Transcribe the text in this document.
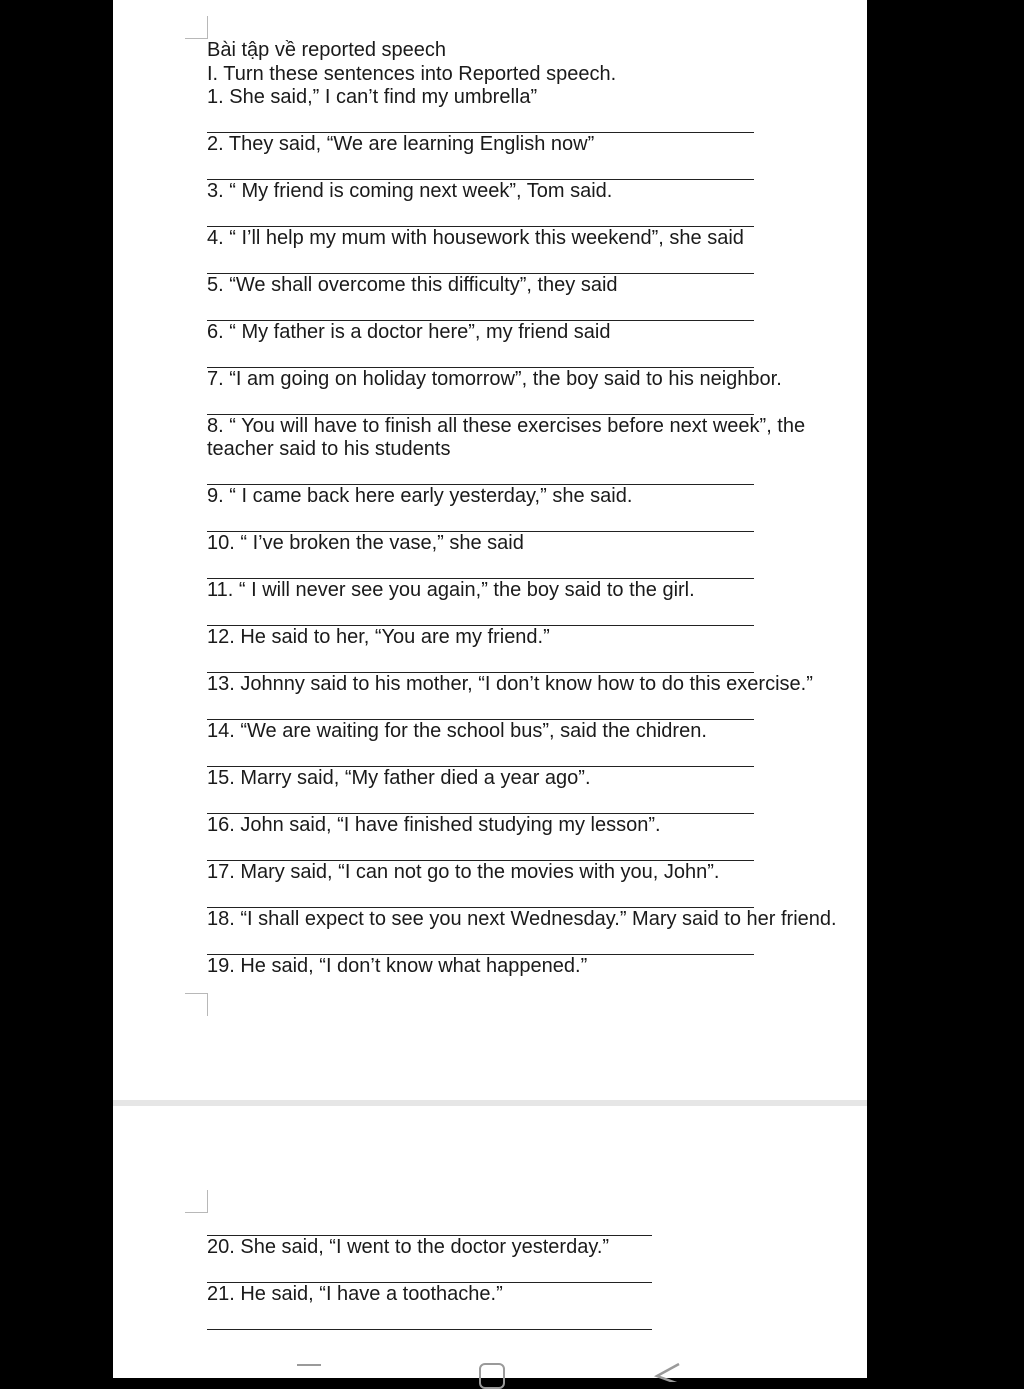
Bài tập về reported speech

I. Turn these sentences into Reported speech.

1. She said,” I can’t find my umbrella”
2. They said, “We are learning English now”
3. “ My friend is coming next week”, Tom said.
4. “ I’ll help my mum with housework this weekend”, she said
5. “We shall overcome this difficulty”, they said
6. “ My father is a doctor here”, my friend said
7. “I am going on holiday tomorrow”, the boy said to his neighbor.
8. “ You will have to finish all these exercises before next week”, the teacher said to his students
9. “ I came back here early yesterday,” she said.
10. “ I’ve broken the vase,” she said
11. “ I will never see you again,” the boy said to the girl.
12. He said to her, “You are my friend.”
13. Johnny said to his mother, “I don’t know how to do this exercise.”
14. “We are waiting for the school bus”, said the chidren.
15. Marry said, “My father died a year ago”.
16. John said, “I have finished studying my lesson”.
17. Mary said, “I can not go to the movies with you, John”.
18. “I shall expect to see you next Wednesday.” Mary said to her friend.
19. He said, “I don’t know what happened.”
20. She said, “I went to the doctor yesterday.”
21. He said, “I have a toothache.”
